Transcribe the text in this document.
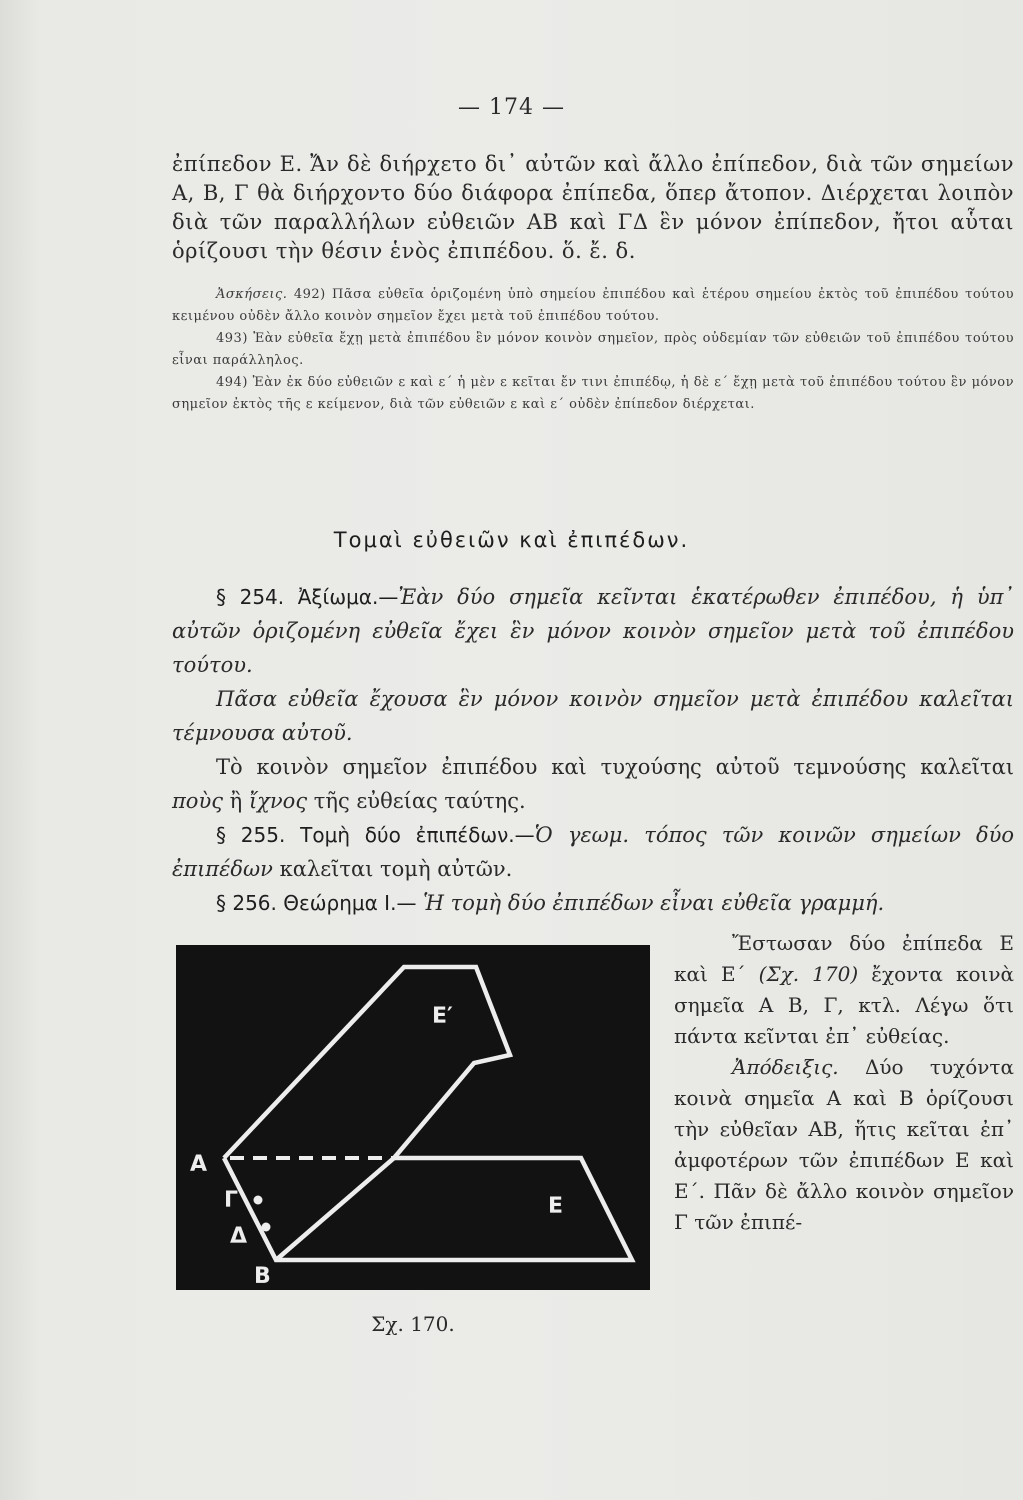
— 174 —
ἐπίπεδον Ε. Ἄν δὲ διήρχετο δι᾽ αὐτῶν καὶ ἄλλο ἐπίπεδον, διὰ τῶν σημείων Α, Β, Γ θὰ διήρχοντο δύο διάφορα ἐπίπεδα, ὅπερ ἄτοπον. Διέρχεται λοιπὸν διὰ τῶν παραλλήλων εὐθειῶν ΑΒ καὶ ΓΔ ἓν μόνον ἐπίπεδον, ἤτοι αὗται ὁρίζουσι τὴν θέσιν ἑνὸς ἐπιπέδου. ὅ. ἔ. δ.

Ἀσκήσεις. 492) Πᾶσα εὐθεῖα ὁριζομένη ὑπὸ σημείου ἐπιπέδου καὶ ἑτέρου σημείου ἐκτὸς τοῦ ἐπιπέδου τούτου κειμένου οὐδὲν ἄλλο κοινὸν σημεῖον ἔχει μετὰ τοῦ ἐπιπέδου τούτου.

493) Ἐὰν εὐθεῖα ἔχῃ μετὰ ἐπιπέδου ἓν μόνον κοινὸν σημεῖον, πρὸς οὐδεμίαν τῶν εὐθειῶν τοῦ ἐπιπέδου τούτου εἶναι παράλληλος.

494) Ἐὰν ἐκ δύο εὐθειῶν ε καὶ ε΄ ἡ μὲν ε κεῖται ἔν τινι ἐπιπέδῳ, ἡ δὲ ε΄ ἔχῃ μετὰ τοῦ ἐπιπέδου τούτου ἓν μόνον σημεῖον ἐκτὸς τῆς ε κείμενον, διὰ τῶν εὐθειῶν ε καὶ ε΄ οὐδὲν ἐπίπεδον διέρχεται.

Τομαὶ εὐθειῶν καὶ ἐπιπέδων.

§ 254. Ἀξίωμα.—Ἐὰν δύο σημεῖα κεῖνται ἑκατέρωθεν ἐπιπέδου, ἡ ὑπ᾽ αὐτῶν ὁριζομένη εὐθεῖα ἔχει ἓν μόνον κοινὸν σημεῖον μετὰ τοῦ ἐπιπέδου τούτου.

Πᾶσα εὐθεῖα ἔχουσα ἓν μόνον κοινὸν σημεῖον μετὰ ἐπιπέδου καλεῖται τέμνουσα αὐτοῦ.

Τὸ κοινὸν σημεῖον ἐπιπέδου καὶ τυχούσης αὐτοῦ τεμνούσης καλεῖται ποὺς ἢ ἴχνος τῆς εὐθείας ταύτης.

§ 255. Τομὴ δύο ἐπιπέδων.—Ὁ γεωμ. τόπος τῶν κοινῶν σημείων δύο ἐπιπέδων καλεῖται τομὴ αὐτῶν.

§ 256. Θεώρημα Ι.— Ἡ τομὴ δύο ἐπιπέδων εἶναι εὐθεῖα γραμμή.

Ε′
Ε
Α
Γ
Δ
Β
Σχ. 170.

Ἔστωσαν δύο ἐπίπεδα Ε καὶ Ε΄ (Σχ. 170) ἔχοντα κοινὰ σημεῖα Α Β, Γ, κτλ. Λέγω ὅτι πάντα κεῖνται ἐπ᾽ εὐθείας.

Ἀπόδειξις. Δύο τυχόντα κοινὰ σημεῖα Α καὶ Β ὁρίζουσι τὴν εὐθεῖαν ΑΒ, ἥτις κεῖται ἐπ᾽ ἀμφοτέρων τῶν ἐπιπέδων Ε καὶ Ε΄. Πᾶν δὲ ἄλλο κοινὸν σημεῖον Γ τῶν ἐπιπέ-
